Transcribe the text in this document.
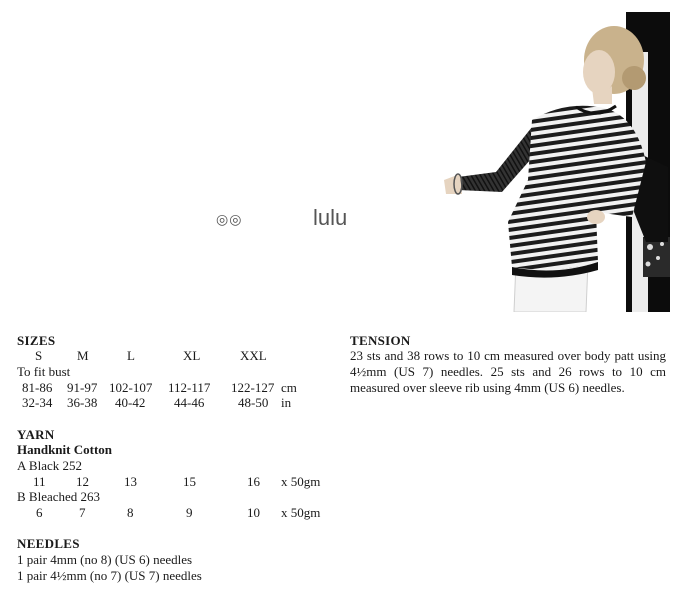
◎◎	lulu
SIZES
S	M	L	XL	XXL
To fit bust
81-86 91-97 102-107 112-117 122-127 cm
32-34 36-38 40-42 44-46	48-50 in
YARN
Handknit Cotton
A Black 252
11 12	13	15	16 x 50gm
B Bleached 263
6	7	8	9	10 x 50gm
NEEDLES
1 pair 4mm (no 8) (US 6) needles
1 pair 4½mm (no 7) (US 7) needles
TENSION
23 sts and 38 rows to 10 cm measured over body patt using 4½mm (US 7) needles. 25 sts and 26 rows to 10 cm measured over sleeve rib using 4mm (US 6) needles.
